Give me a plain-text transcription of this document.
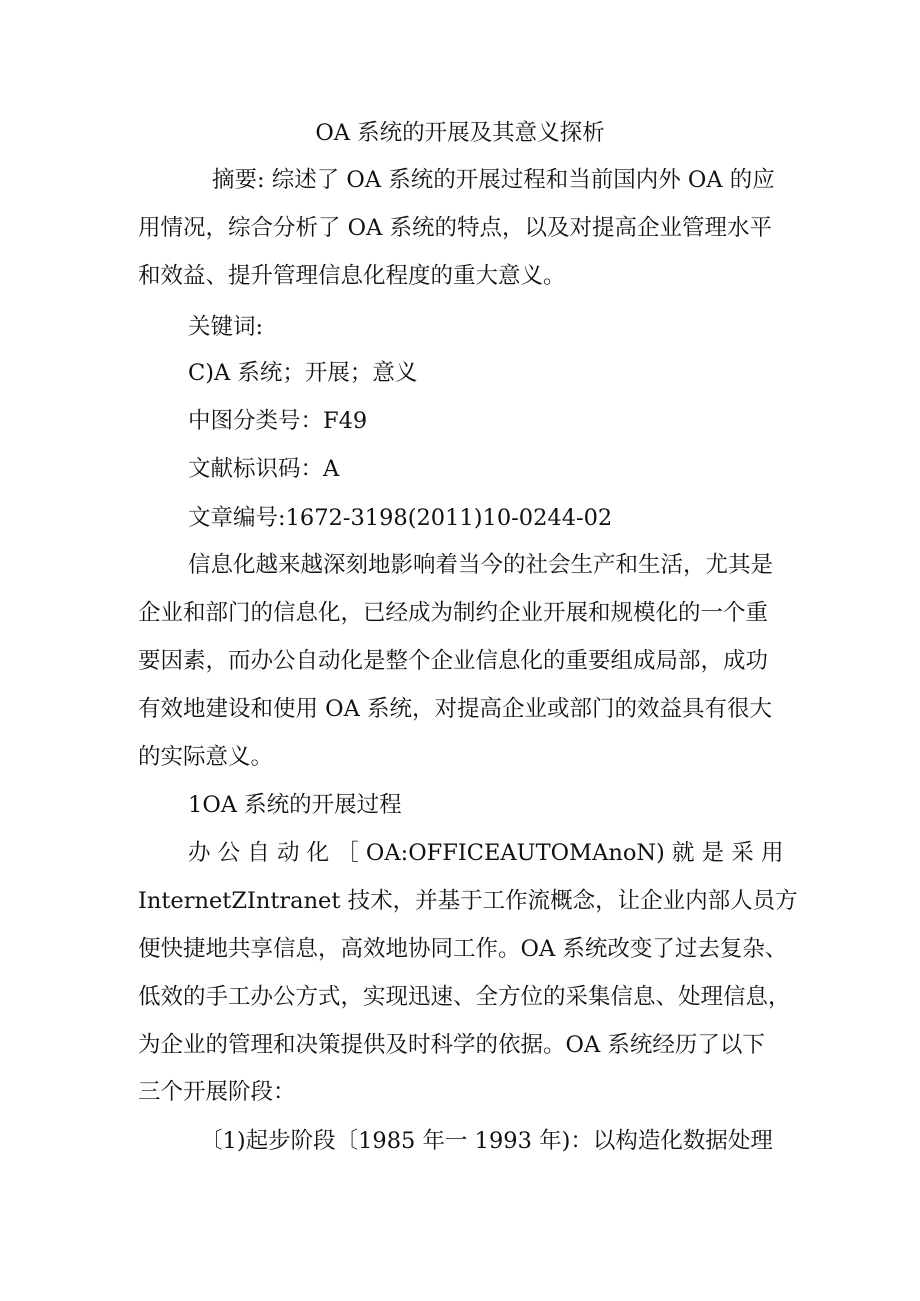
OA 系统的开展及其意义探析
摘要: 综述了 OA 系统的开展过程和当前国内外 OA 的应
用情况，综合分析了 OA 系统的特点，以及对提高企业管理水平
和效益、提升管理信息化程度的重大意义。
关键词:
C)A 系统；开展；意义
中图分类号：F49
文献标识码：A
文章编号:1672-3198(2011)10-0244-02
信息化越来越深刻地影响着当今的社会生产和生活，尤其是
企业和部门的信息化，已经成为制约企业开展和规模化的一个重
要因素，而办公自动化是整个企业信息化的重要组成局部，成功
有效地建设和使用 OA 系统，对提高企业或部门的效益具有很大
的实际意义。
1OA 系统的开展过程
办 公 自 动 化 ［ OA:OFFICEAUTOMAnoN) 就 是 采 用
InternetZIntranet 技术，并基于工作流概念，让企业内部人员方
便快捷地共享信息，高效地协同工作。OA 系统改变了过去复杂、
低效的手工办公方式，实现迅速、全方位的采集信息、处理信息，
为企业的管理和决策提供及时科学的依据。OA 系统经历了以下
三个开展阶段：
〔1)起步阶段〔1985 年一 1993 年)：以构造化数据处理
